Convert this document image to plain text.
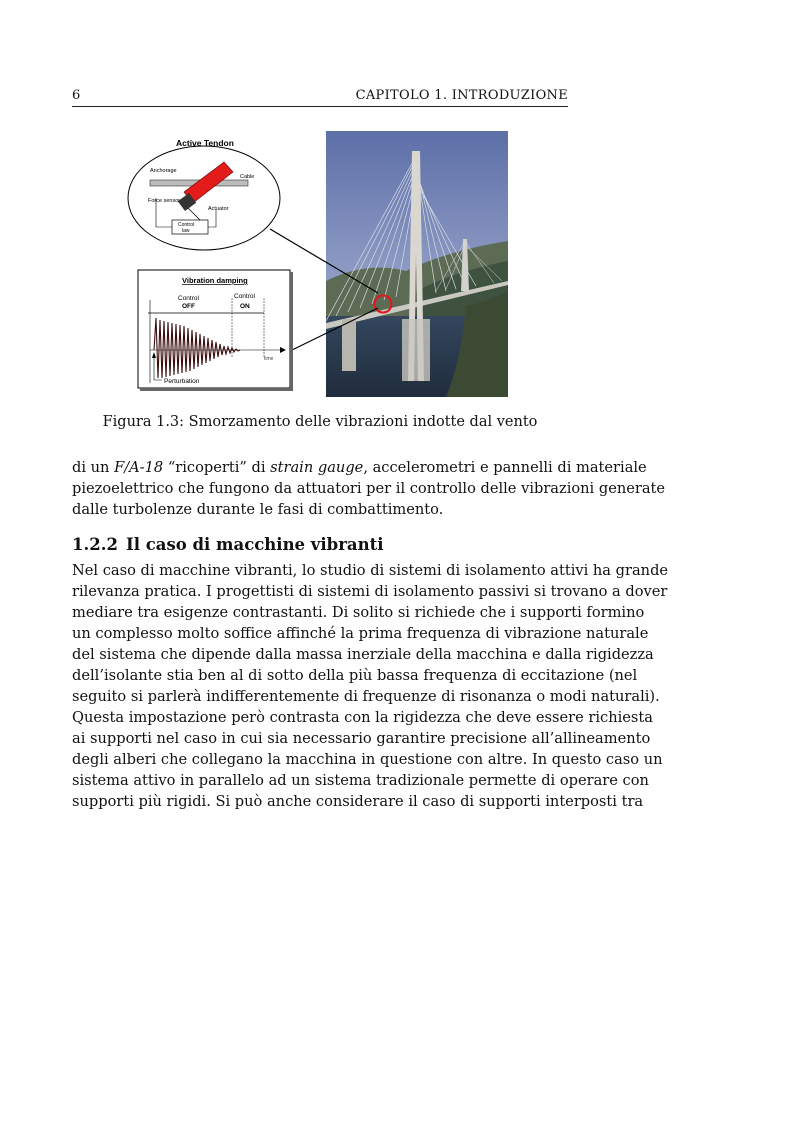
6	CAPITOLO 1. INTRODUZIONE
Active Tendon
Anchorage
Cable
Force sensor
Actuator
Control
law
Vibration damping
Control
OFF
Control
ON
time
Perturbation
Figura 1.3: Smorzamento delle vibrazioni indotte dal vento
di un F/A-18 “ricoperti” di strain gauge, accelerometri e pannelli di materiale
piezoelettrico che fungono da attuatori per il controllo delle vibrazioni generate
dalle turbolenze durante le fasi di combattimento.
1.2.2 Il caso di macchine vibranti
Nel caso di macchine vibranti, lo studio di sistemi di isolamento attivi ha grande
rilevanza pratica. I progettisti di sistemi di isolamento passivi si trovano a dover
mediare tra esigenze contrastanti. Di solito si richiede che i supporti formino
un complesso molto soffice affinché la prima frequenza di vibrazione naturale
del sistema che dipende dalla massa inerziale della macchina e dalla rigidezza
dell’isolante stia ben al di sotto della più bassa frequenza di eccitazione (nel
seguito si parlerà indifferentemente di frequenze di risonanza o modi naturali).
Questa impostazione però contrasta con la rigidezza che deve essere richiesta
ai supporti nel caso in cui sia necessario garantire precisione all’allineamento
degli alberi che collegano la macchina in questione con altre. In questo caso un
sistema attivo in parallelo ad un sistema tradizionale permette di operare con
supporti più rigidi. Si può anche considerare il caso di supporti interposti tra
